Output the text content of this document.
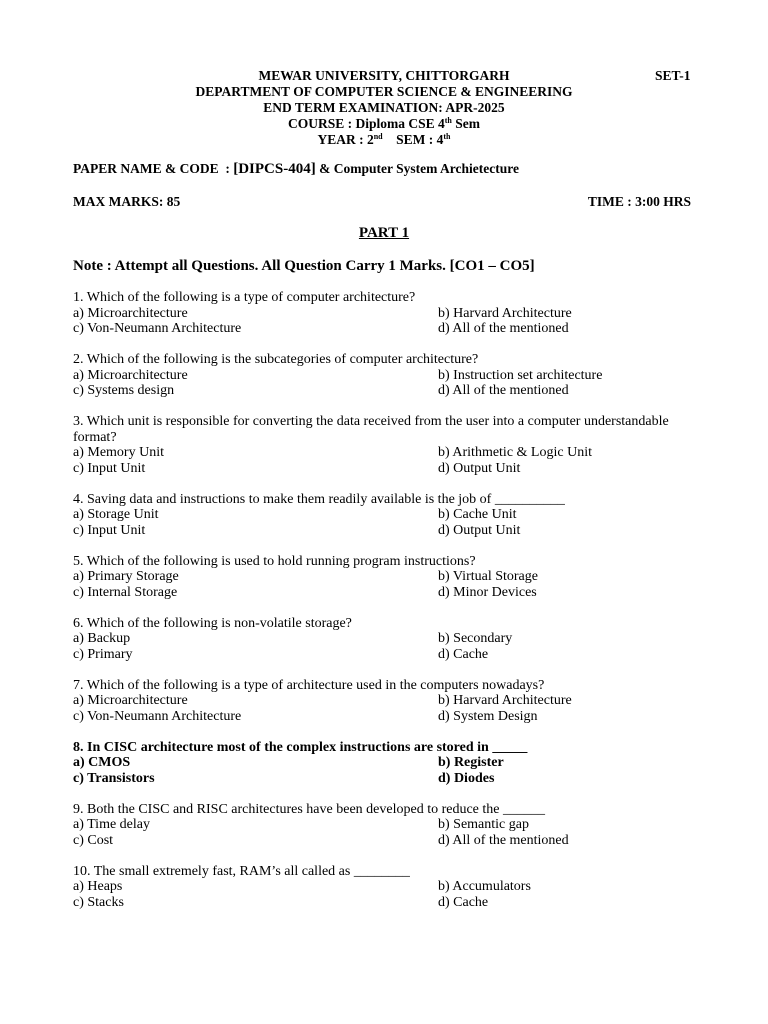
MEWAR UNIVERSITY, CHITTORGARH
DEPARTMENT OF COMPUTER SCIENCE & ENGINEERING
END TERM EXAMINATION: APR-2025
COURSE : Diploma CSE 4th Sem
YEAR : 2nd    SEM : 4th
SET-1
PAPER NAME & CODE  : [DIPCS-404] & Computer System Archietecture
MAX MARKS: 85	TIME : 3:00 HRS
PART 1
Note : Attempt all Questions. All Question Carry 1 Marks. [CO1 – CO5]
1. Which of the following is a type of computer architecture?
a) Microarchitecture	b) Harvard Architecture
c) Von-Neumann Architecture	d) All of the mentioned
2. Which of the following is the subcategories of computer architecture?
a) Microarchitecture	b) Instruction set architecture
c) Systems design	d) All of the mentioned
3. Which unit is responsible for converting the data received from the user into a computer understandable format?
a) Memory Unit	b) Arithmetic & Logic Unit
c) Input Unit	d) Output Unit
4. Saving data and instructions to make them readily available is the job of __________
a) Storage Unit	b) Cache Unit
c) Input Unit	d) Output Unit
5. Which of the following is used to hold running program instructions?
a) Primary Storage	b) Virtual Storage
c) Internal Storage	d) Minor Devices
6. Which of the following is non-volatile storage?
a) Backup	b) Secondary
c) Primary	d) Cache
7. Which of the following is a type of architecture used in the computers nowadays?
a) Microarchitecture	b) Harvard Architecture
c) Von-Neumann Architecture	d) System Design
8. In CISC architecture most of the complex instructions are stored in _____
a) CMOS	b) Register
c) Transistors	d) Diodes
9. Both the CISC and RISC architectures have been developed to reduce the ______
a) Time delay	b) Semantic gap
c) Cost	d) All of the mentioned
10. The small extremely fast, RAM’s all called as ________
a) Heaps	b) Accumulators
c) Stacks	d) Cache
